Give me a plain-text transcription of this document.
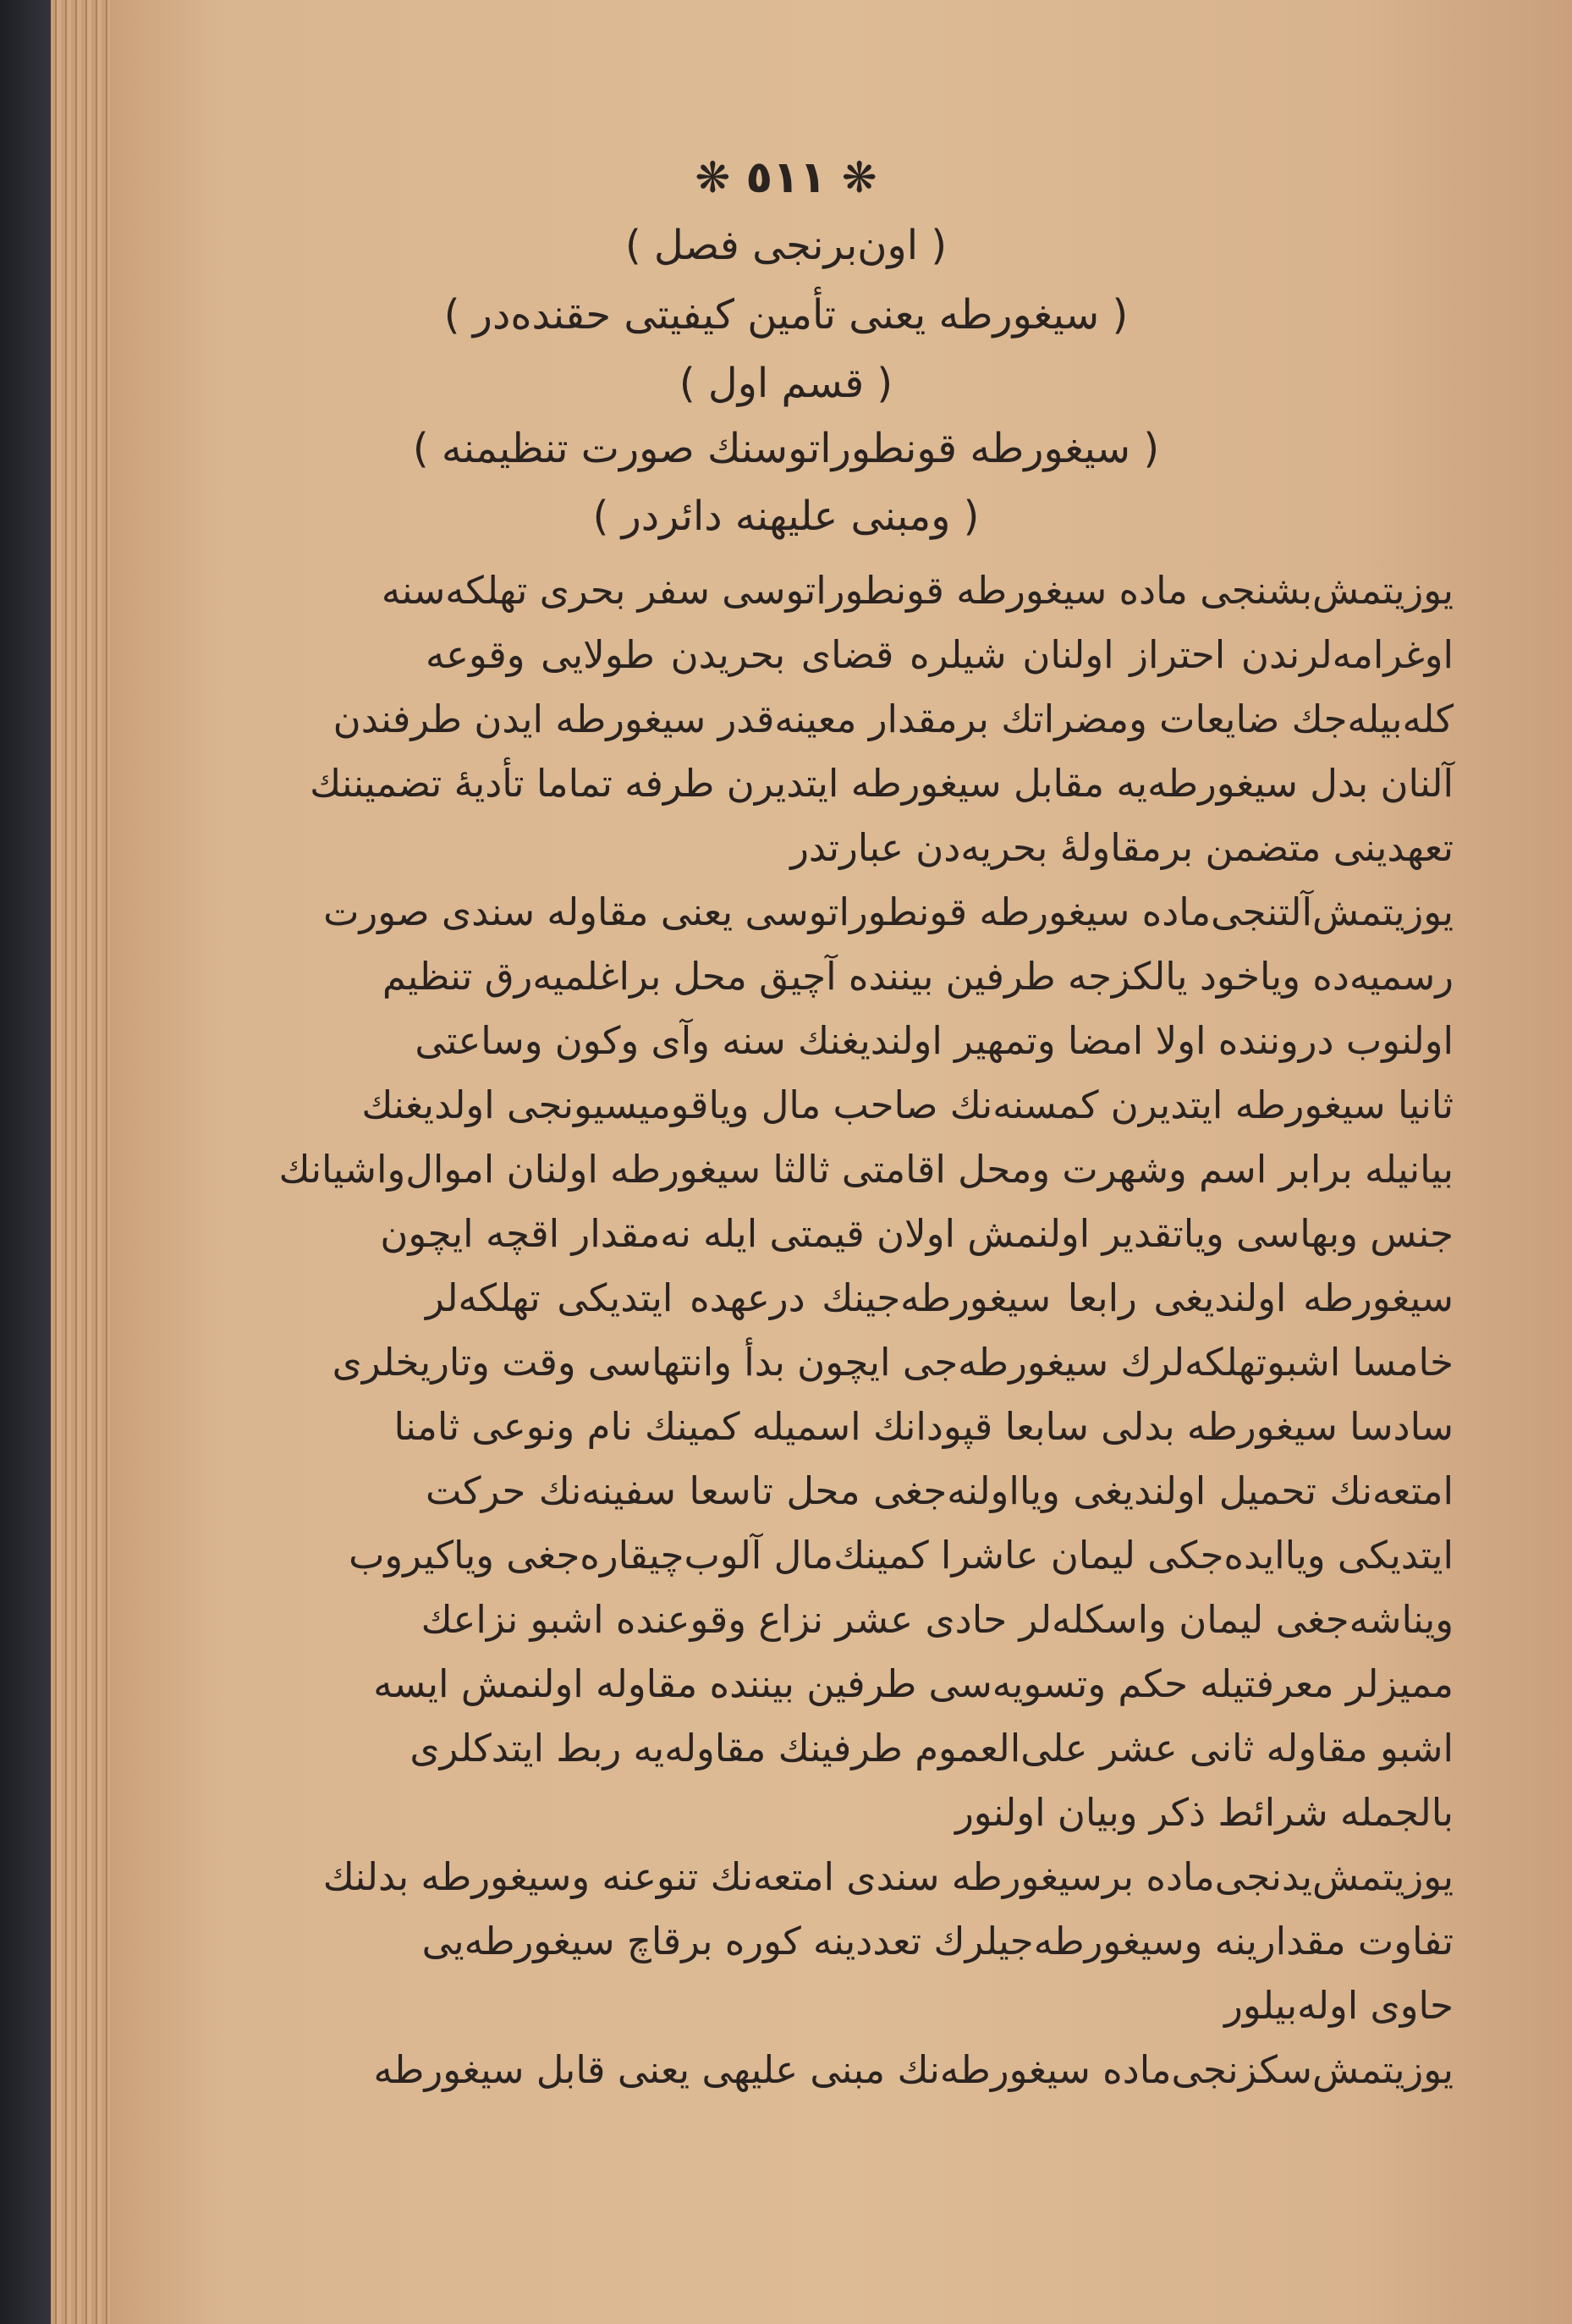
❋ ٥١١ ❋
( اون‌برنجی فصل )
( سیغورطه یعنی تأمین کیفیتی حقنده‌در )
( قسم اول )
( سیغورطه قونطوراتوسنك صورت تنظیمنه )
( ومبنی علیهنه دائردر )
یوزیتمش‌بشنجی ماده سیغورطه قونطوراتوسی سفر بحری تهلکه‌سنه
اوغرامه‌لرندن احتراز اولنان شیلره قضای بحریدن طولایی وقوعه
کله‌بیله‌جك ضایعات ومضراتك برمقدار معینه‌قدر سیغورطه ایدن طرفندن
آلنان بدل سیغورطه‌یه مقابل سیغورطه ایتدیرن طرفه تماما تأدیهٔ تضمیننك
تعهدینی متضمن برمقاولهٔ بحریه‌دن عبارتدر
یوزیتمش‌آلتنجی‌ماده سیغورطه قونطوراتوسی یعنی مقاوله سندی صورت
رسمیه‌ده ویاخود یالکزجه طرفین بیننده آچیق محل براغلمیه‌رق تنظیم
اولنوب دروننده اولا امضا وتمهیر اولندیغنك سنه وآی وکون وساعتی
ثانیا سیغورطه ایتدیرن کمسنه‌نك صاحب مال ویاقومیسیونجی اولدیغنك
بیانیله برابر اسم وشهرت ومحل اقامتی ثالثا سیغورطه اولنان اموال‌واشیانك
جنس وبهاسی ویاتقدیر اولنمش اولان قیمتی ایله نه‌مقدار اقچه ایچون
سیغورطه اولندیغی رابعا سیغورطه‌جینك درعهده ایتدیکی تهلکه‌لر
خامسا اشبوتهلکه‌لرك سیغورطه‌جی ایچون بدأ وانتهاسی وقت وتاریخلری
سادسا سیغورطه بدلی سابعا قپودانك اسمیله کمینك نام ونوعی ثامنا
امتعه‌نك تحمیل اولندیغی ویااولنه‌جغی محل تاسعا سفینه‌نك حرکت
ایتدیکی ویاایده‌جکی لیمان عاشرا کمینك‌مال آلوب‌چیقاره‌جغی ویاکیروب
ویناشه‌جغی لیمان واسکله‌لر حادی عشر نزاع وقوعنده اشبو نزاعك
ممیزلر معرفتیله حکم وتسویه‌سی طرفین بیننده مقاوله اولنمش ایسه
اشبو مقاوله ثانی عشر علی‌العموم طرفینك مقاوله‌یه ربط ایتدکلری
بالجمله شرائط ذکر وبیان اولنور
یوزیتمش‌یدنجی‌ماده برسیغورطه سندی امتعه‌نك تنوعنه وسیغورطه بدلنك
تفاوت مقدارینه وسیغورطه‌جیلرك تعددینه کوره برقاچ سیغورطه‌یی
حاوی اوله‌بیلور
یوزیتمش‌سکزنجی‌ماده سیغورطه‌نك مبنی علیهی یعنی قابل سیغورطه
